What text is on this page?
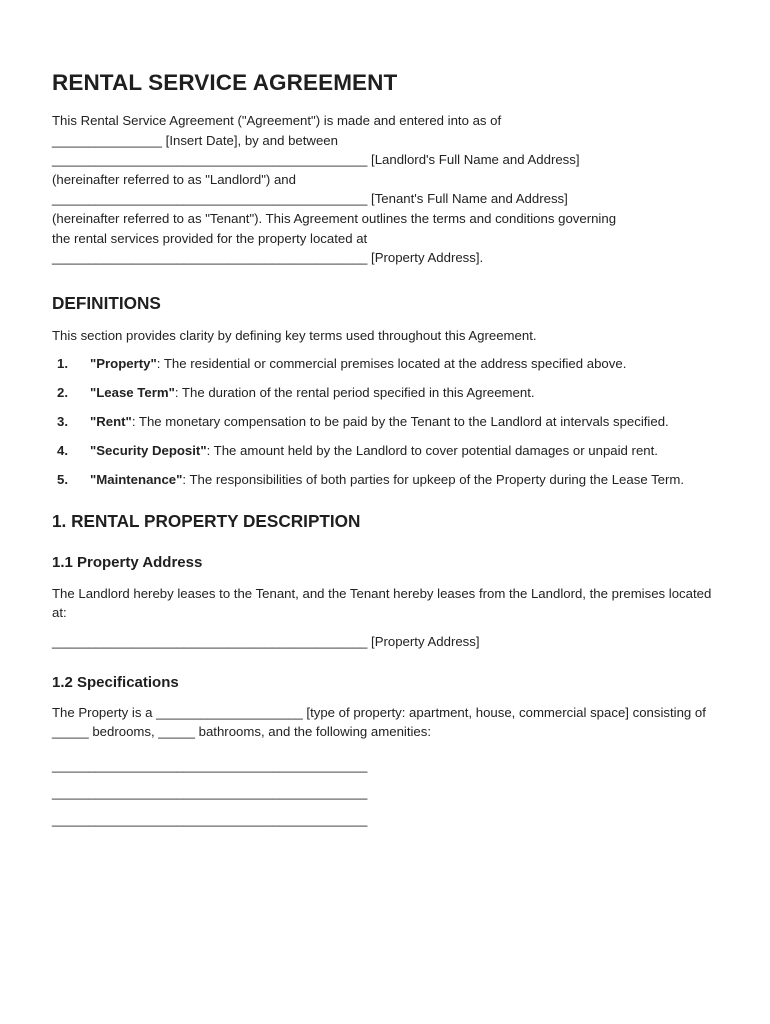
RENTAL SERVICE AGREEMENT

This Rental Service Agreement ("Agreement") is made and entered into as of

_______________ [Insert Date], by and between

___________________________________________ [Landlord's Full Name and Address]

(hereinafter referred to as "Landlord") and

___________________________________________ [Tenant's Full Name and Address]

(hereinafter referred to as "Tenant"). This Agreement outlines the terms and conditions governing

the rental services provided for the property located at

___________________________________________ [Property Address].

DEFINITIONS

This section provides clarity by defining key terms used throughout this Agreement.

1. "Property": The residential or commercial premises located at the address specified above.
2. "Lease Term": The duration of the rental period specified in this Agreement.
3. "Rent": The monetary compensation to be paid by the Tenant to the Landlord at intervals specified.
4. "Security Deposit": The amount held by the Landlord to cover potential damages or unpaid rent.
5. "Maintenance": The responsibilities of both parties for upkeep of the Property during the Lease Term.
1. RENTAL PROPERTY DESCRIPTION
1.1 Property Address

The Landlord hereby leases to the Tenant, and the Tenant hereby leases from the Landlord, the premises located at:

___________________________________________ [Property Address]

1.2 Specifications

The Property is a ____________________ [type of property: apartment, house, commercial space] consisting of _____ bedrooms, _____ bathrooms, and the following amenities:

___________________________________________
___________________________________________
___________________________________________
